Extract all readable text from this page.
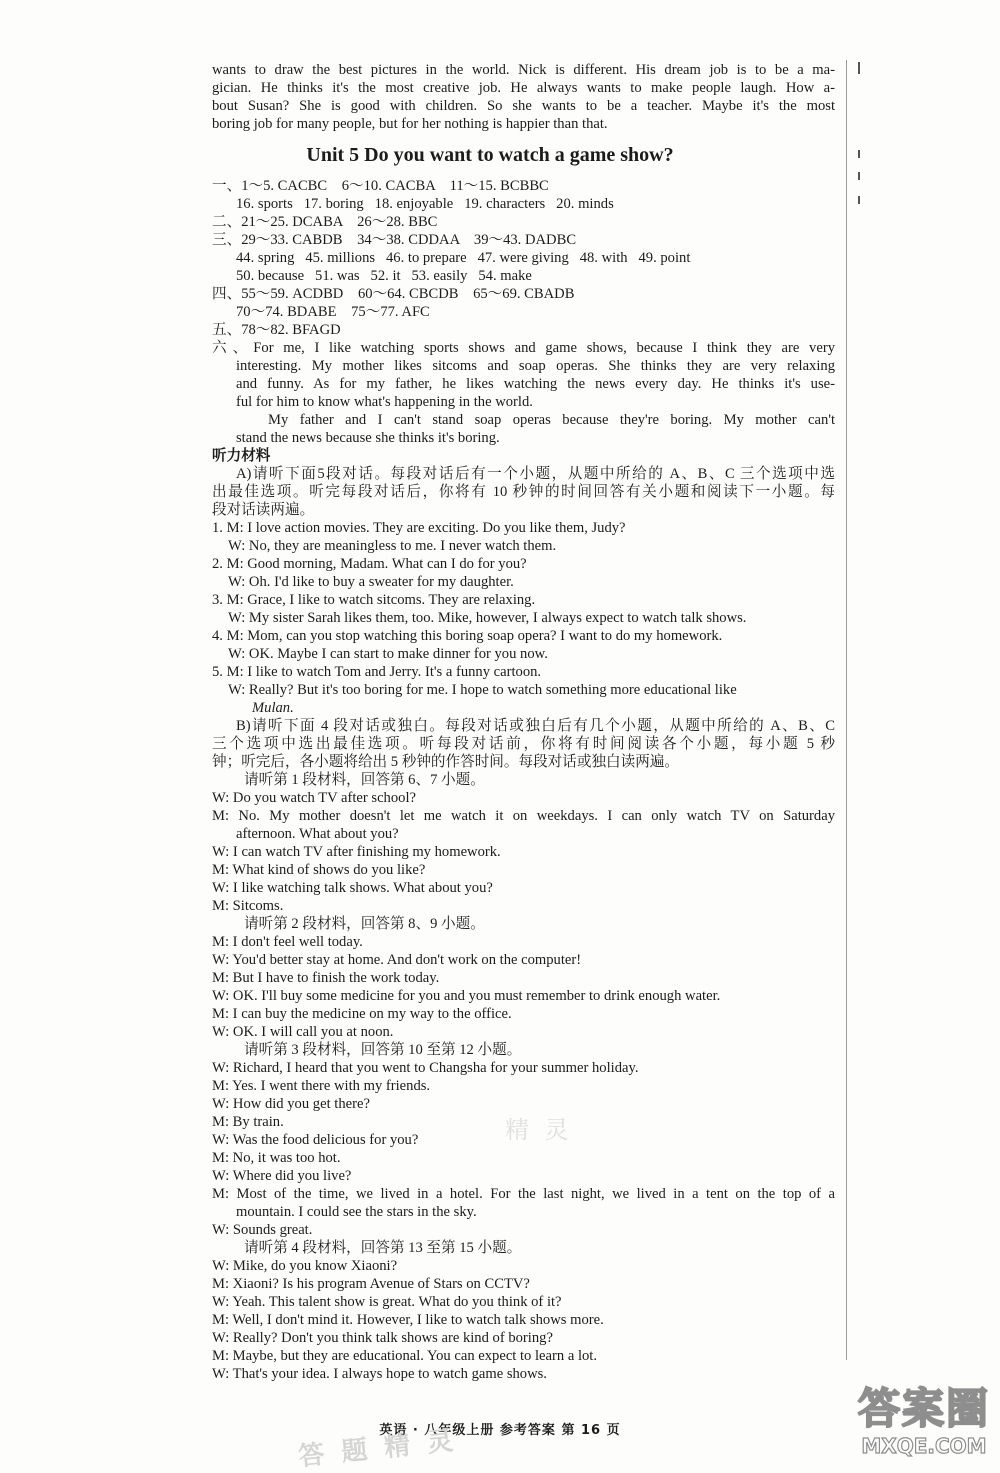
wants to draw the best pictures in the world. Nick is different. His dream job is to be a ma-
gician. He thinks it's the most creative job. He always wants to make people laugh. How a-
bout Susan? She is good with children. So she wants to be a teacher. Maybe it's the most
boring job for many people, but for her nothing is happier than that.
Unit 5 Do you want to watch a game show?
一、1～5. CACBC    6～10. CACBA    11～15. BCBBC
16. sports   17. boring   18. enjoyable   19. characters   20. minds
二、21～25. DCABA    26～28. BBC
三、29～33. CABDB    34～38. CDDAA    39～43. DADBC
44. spring   45. millions   46. to prepare   47. were giving   48. with   49. point
50. because   51. was   52. it   53. easily   54. make
四、55～59. ACDBD    60～64. CBCDB    65～69. CBADB
70～74. BDABE    75～77. AFC
五、78～82. BFAGD
六、For me, I like watching sports shows and game shows, because I think they are very
interesting. My mother likes sitcoms and soap operas. She thinks they are very relaxing
and funny. As for my father, he likes watching the news every day. He thinks it's use-
ful for him to know what's happening in the world.
My father and I can't stand soap operas because they're boring. My mother can't
stand the news because she thinks it's boring.
听力材料
A)请听下面5段对话。每段对话后有一个小题，从题中所给的 A、B、C 三个选项中选
出最佳选项。听完每段对话后，你将有 10 秒钟的时间回答有关小题和阅读下一小题。每
段对话读两遍。
1. M: I love action movies. They are exciting. Do you like them, Judy?
W: No, they are meaningless to me. I never watch them.
2. M: Good morning, Madam. What can I do for you?
W: Oh. I'd like to buy a sweater for my daughter.
3. M: Grace, I like to watch sitcoms. They are relaxing.
W: My sister Sarah likes them, too. Mike, however, I always expect to watch talk shows.
4. M: Mom, can you stop watching this boring soap opera? I want to do my homework.
W: OK. Maybe I can start to make dinner for you now.
5. M: I like to watch Tom and Jerry. It's a funny cartoon.
W: Really? But it's too boring for me. I hope to watch something more educational like
Mulan.
B)请听下面 4 段对话或独白。每段对话或独白后有几个小题，从题中所给的 A、B、C
三个选项中选出最佳选项。听每段对话前，你将有时间阅读各个小题，每小题 5 秒
钟；听完后，各小题将给出 5 秒钟的作答时间。每段对话或独白读两遍。
请听第 1 段材料，回答第 6、7 小题。
W: Do you watch TV after school?
M: No. My mother doesn't let me watch it on weekdays. I can only watch TV on Saturday
afternoon. What about you?
W: I can watch TV after finishing my homework.
M: What kind of shows do you like?
W: I like watching talk shows. What about you?
M: Sitcoms.
请听第 2 段材料，回答第 8、9 小题。
M: I don't feel well today.
W: You'd better stay at home. And don't work on the computer!
M: But I have to finish the work today.
W: OK. I'll buy some medicine for you and you must remember to drink enough water.
M: I can buy the medicine on my way to the office.
W: OK. I will call you at noon.
请听第 3 段材料，回答第 10 至第 12 小题。
W: Richard, I heard that you went to Changsha for your summer holiday.
M: Yes. I went there with my friends.
W: How did you get there?
M: By train.
W: Was the food delicious for you?
M: No, it was too hot.
W: Where did you live?
M: Most of the time, we lived in a hotel. For the last night, we lived in a tent on the top of a
mountain. I could see the stars in the sky.
W: Sounds great.
请听第 4 段材料，回答第 13 至第 15 小题。
W: Mike, do you know Xiaoni?
M: Xiaoni? Is his program Avenue of Stars on CCTV?
W: Yeah. This talent show is great. What do you think of it?
M: Well, I don't mind it. However, I like to watch talk shows more.
W: Really? Don't you think talk shows are kind of boring?
M: Maybe, but they are educational. You can expect to learn a lot.
W: That's your idea. I always hope to watch game shows.
精 灵
英语 · 八年级上册 参考答案 第 16 页
答 题 精 灵
答案圈
MXQE.COM
